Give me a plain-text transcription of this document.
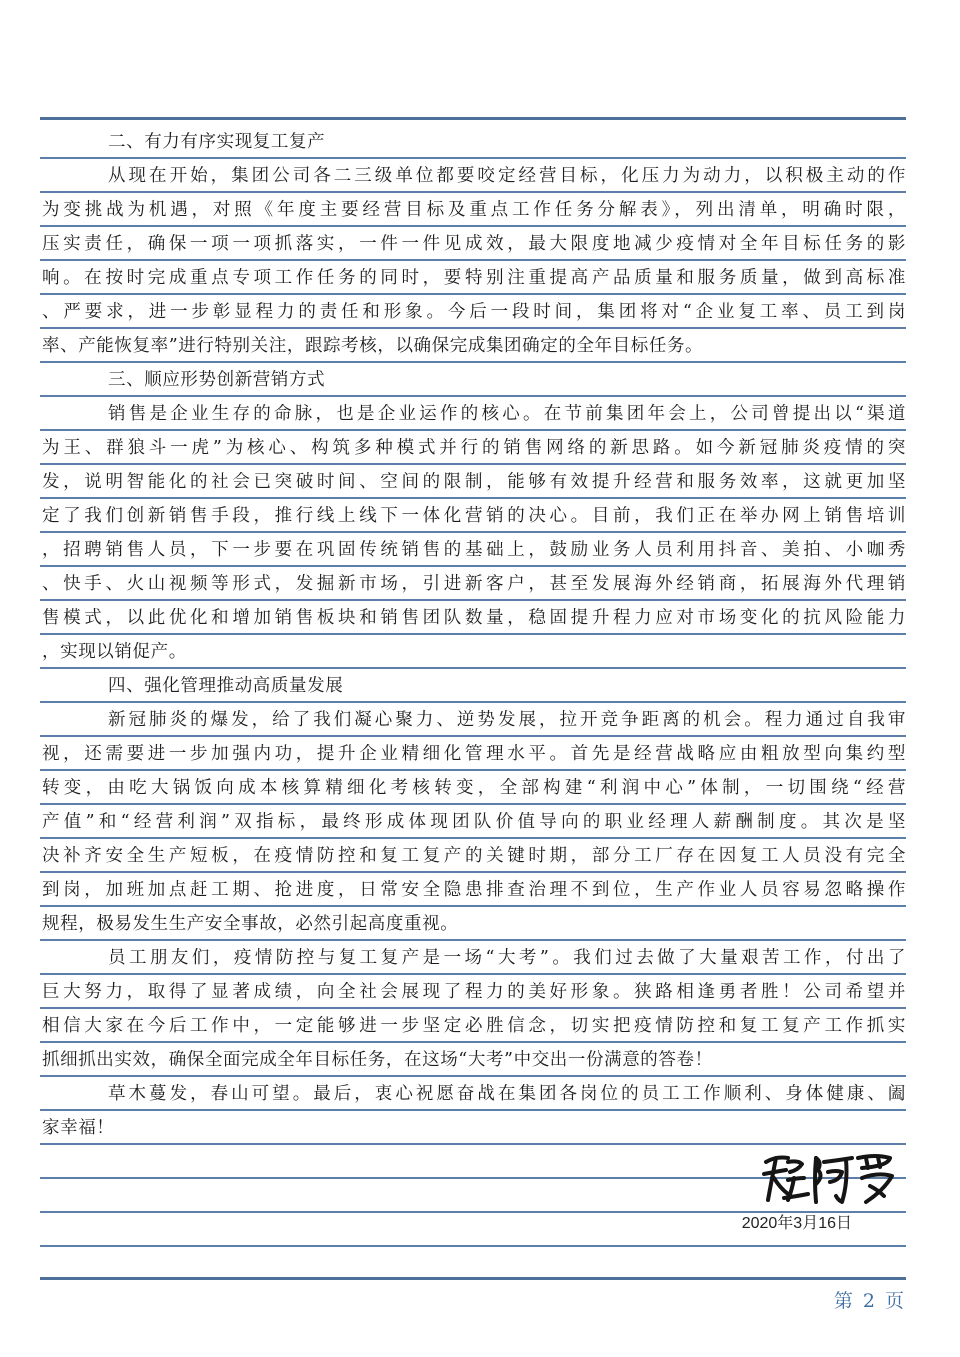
二、有力有序实现复工复产
从现在开始，集团公司各二三级单位都要咬定经营目标，化压力为动力，以积极主动的作
为变挑战为机遇，对照《年度主要经营目标及重点工作任务分解表》，列出清单，明确时限，
压实责任，确保一项一项抓落实，一件一件见成效，最大限度地减少疫情对全年目标任务的影
响。在按时完成重点专项工作任务的同时，要特别注重提高产品质量和服务质量，做到高标准
、严要求，进一步彰显程力的责任和形象。今后一段时间，集团将对“企业复工率、员工到岗
率、产能恢复率”进行特别关注，跟踪考核，以确保完成集团确定的全年目标任务。
三、顺应形势创新营销方式
销售是企业生存的命脉，也是企业运作的核心。在节前集团年会上，公司曾提出以“渠道
为王、群狼斗一虎”为核心、构筑多种模式并行的销售网络的新思路。如今新冠肺炎疫情的突
发，说明智能化的社会已突破时间、空间的限制，能够有效提升经营和服务效率，这就更加坚
定了我们创新销售手段，推行线上线下一体化营销的决心。目前，我们正在举办网上销售培训
，招聘销售人员，下一步要在巩固传统销售的基础上，鼓励业务人员利用抖音、美拍、小咖秀
、快手、火山视频等形式，发掘新市场，引进新客户，甚至发展海外经销商，拓展海外代理销
售模式，以此优化和增加销售板块和销售团队数量，稳固提升程力应对市场变化的抗风险能力
，实现以销促产。
四、强化管理推动高质量发展
新冠肺炎的爆发，给了我们凝心聚力、逆势发展，拉开竞争距离的机会。程力通过自我审
视，还需要进一步加强内功，提升企业精细化管理水平。首先是经营战略应由粗放型向集约型
转变，由吃大锅饭向成本核算精细化考核转变，全部构建“利润中心”体制，一切围绕“经营
产值”和“经营利润”双指标，最终形成体现团队价值导向的职业经理人薪酬制度。其次是坚
决补齐安全生产短板，在疫情防控和复工复产的关键时期，部分工厂存在因复工人员没有完全
到岗，加班加点赶工期、抢进度，日常安全隐患排查治理不到位，生产作业人员容易忽略操作
规程，极易发生生产安全事故，必然引起高度重视。
员工朋友们，疫情防控与复工复产是一场“大考”。我们过去做了大量艰苦工作，付出了
巨大努力，取得了显著成绩，向全社会展现了程力的美好形象。狭路相逢勇者胜！公司希望并
相信大家在今后工作中，一定能够进一步坚定必胜信念，切实把疫情防控和复工复产工作抓实
抓细抓出实效，确保全面完成全年目标任务，在这场“大考”中交出一份满意的答卷！
草木蔓发，春山可望。最后，衷心祝愿奋战在集团各岗位的员工工作顺利、身体健康、阖
家幸福！
2020年3月16日
第 2 页
